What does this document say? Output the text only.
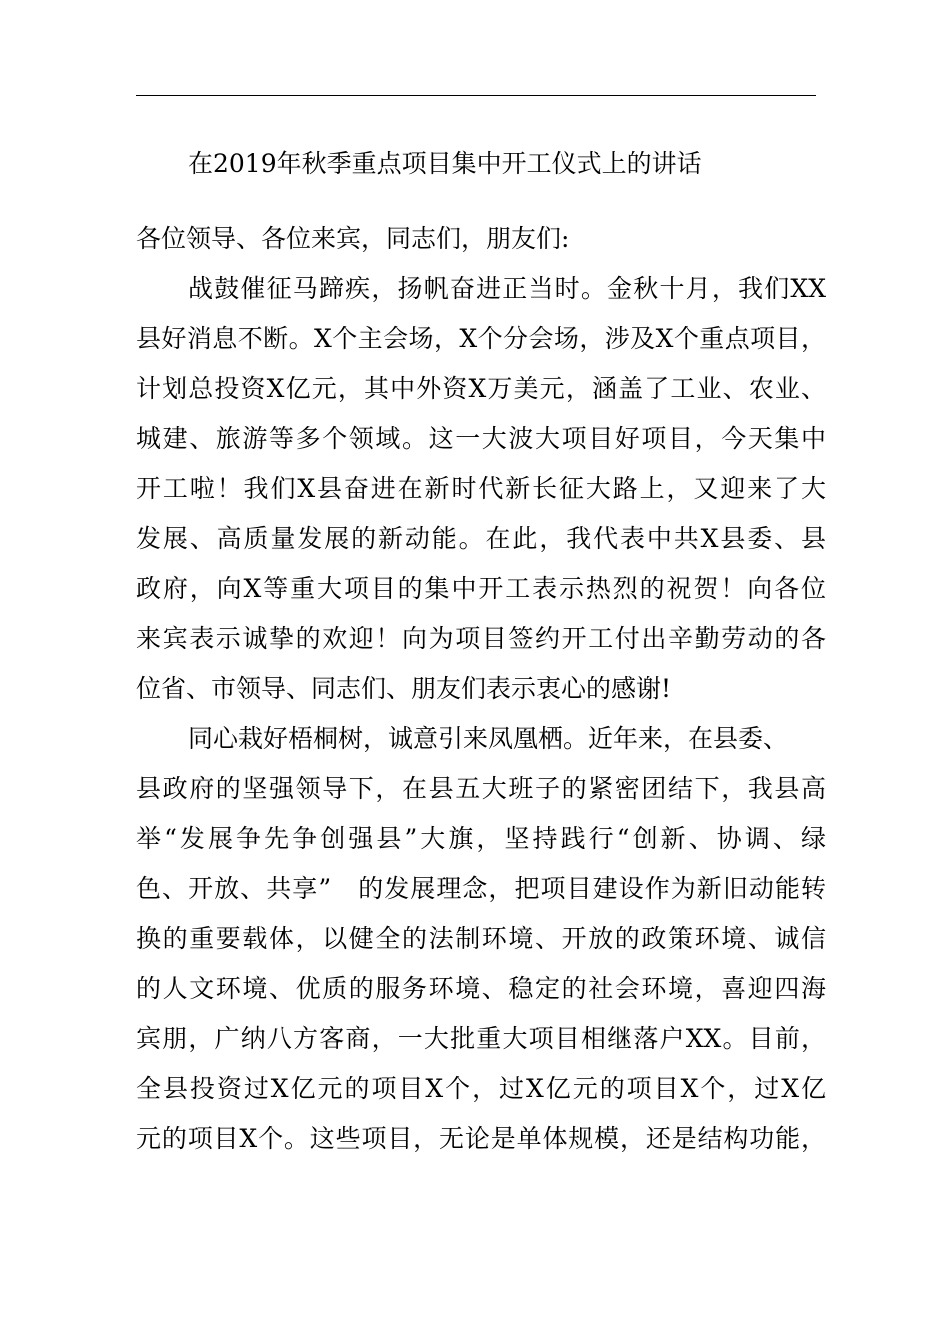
在2019年秋季重点项目集中开工仪式上的讲话
各位领导、各位来宾，同志们，朋友们:
战鼓催征马蹄疾，扬帆奋进正当时。金秋十月，我们XX
县好消息不断。X个主会场，X个分会场，涉及X个重点项目，
计划总投资X亿元，其中外资X万美元，涵盖了工业、农业、
城建、旅游等多个领域。这一大波大项目好项目，今天集中
开工啦！我们X县奋进在新时代新长征大路上，又迎来了大
发展、高质量发展的新动能。在此，我代表中共X县委、县
政府，向X等重大项目的集中开工表示热烈的祝贺！向各位
来宾表示诚挚的欢迎！向为项目签约开工付出辛勤劳动的各
位省、市领导、同志们、朋友们表示衷心的感谢!
同心栽好梧桐树，诚意引来凤凰栖。近年来，在县委、
县政府的坚强领导下，在县五大班子的紧密团结下，我县高
举“发展争先争创强县”大旗，坚持践行“创新、协调、绿
色、开放、共享”　的发展理念，把项目建设作为新旧动能转
换的重要载体，以健全的法制环境、开放的政策环境、诚信
的人文环境、优质的服务环境、稳定的社会环境，喜迎四海
宾朋，广纳八方客商，一大批重大项目相继落户XX。目前，
全县投资过X亿元的项目X个，过X亿元的项目X个，过X亿
元的项目X个。这些项目，无论是单体规模，还是结构功能，
